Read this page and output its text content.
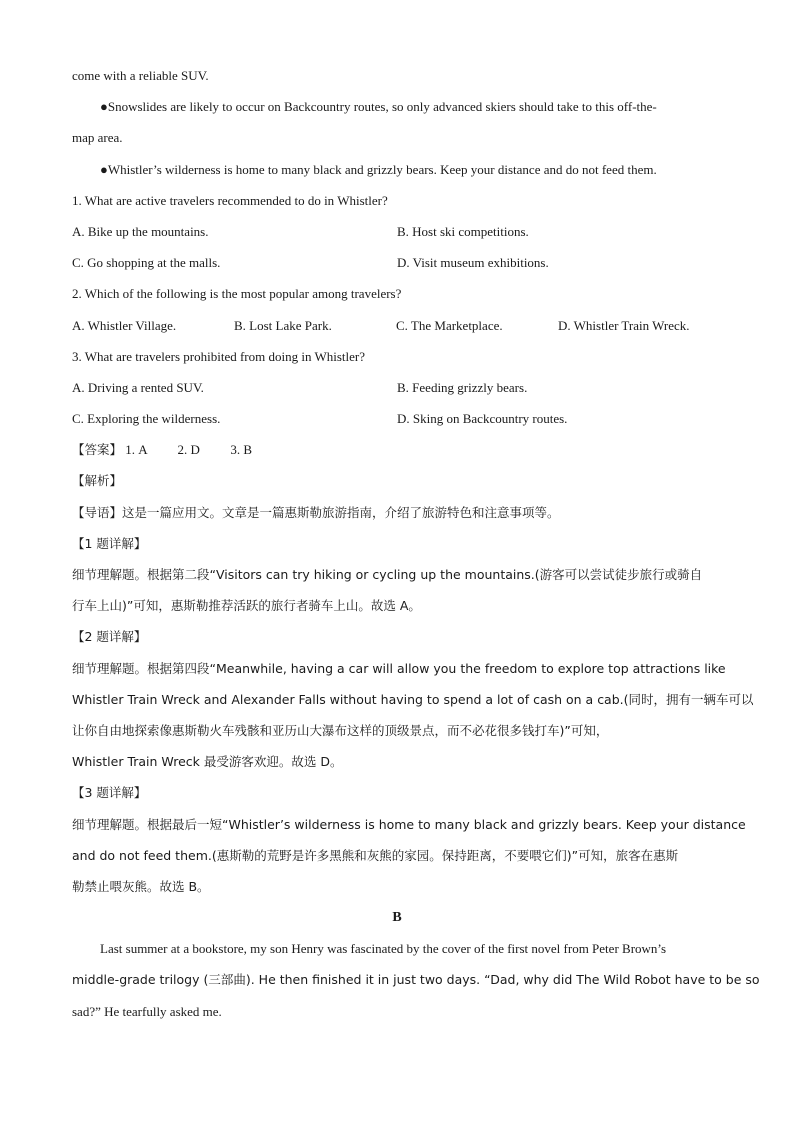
come with a reliable SUV.
●Snowslides are likely to occur on Backcountry routes, so only advanced skiers should take to this off-the-
map area.
●Whistler’s wilderness is home to many black and grizzly bears. Keep your distance and do not feed them.
1. What are active travelers recommended to do in Whistler?
A. Bike up the mountains.	B. Host ski competitions.
C. Go shopping at the malls.	D. Visit museum exhibitions.
2. Which of the following is the most popular among travelers?
A. Whistler Village.	B. Lost Lake Park.	C. The Marketplace.	D. Whistler Train Wreck.
3. What are travelers prohibited from doing in Whistler?
A. Driving a rented SUV.	B. Feeding grizzly bears.
C. Exploring the wilderness.	D. Sking on Backcountry routes.
【答案】 1. A 2. D 3. B
【解析】
【导语】这是一篇应用文。文章是一篇惠斯勒旅游指南，介绍了旅游特色和注意事项等。
【1 题详解】
细节理解题。根据第二段“Visitors can try hiking or cycling up the mountains.(游客可以尝试徒步旅行或骑自
行车上山)”可知，惠斯勒推荐活跃的旅行者骑车上山。故选 A。
【2 题详解】
细节理解题。根据第四段“Meanwhile, having a car will allow you the freedom to explore top attractions like
Whistler Train Wreck and Alexander Falls without having to spend a lot of cash on a cab.(同时，拥有一辆车可以
让你自由地探索像惠斯勒火车残骸和亚历山大瀑布这样的顶级景点，而不必花很多钱打车)”可知，
Whistler Train Wreck 最受游客欢迎。故选 D。
【3 题详解】
细节理解题。根据最后一短“Whistler’s wilderness is home to many black and grizzly bears. Keep your distance
and do not feed them.(惠斯勒的荒野是许多黑熊和灰熊的家园。保持距离，不要喂它们)”可知，旅客在惠斯
勒禁止喂灰熊。故选 B。
B
Last summer at a bookstore, my son Henry was fascinated by the cover of the first novel from Peter Brown’s
middle-grade trilogy (三部曲). He then finished it in just two days. “Dad, why did The Wild Robot have to be so
sad?” He tearfully asked me.
